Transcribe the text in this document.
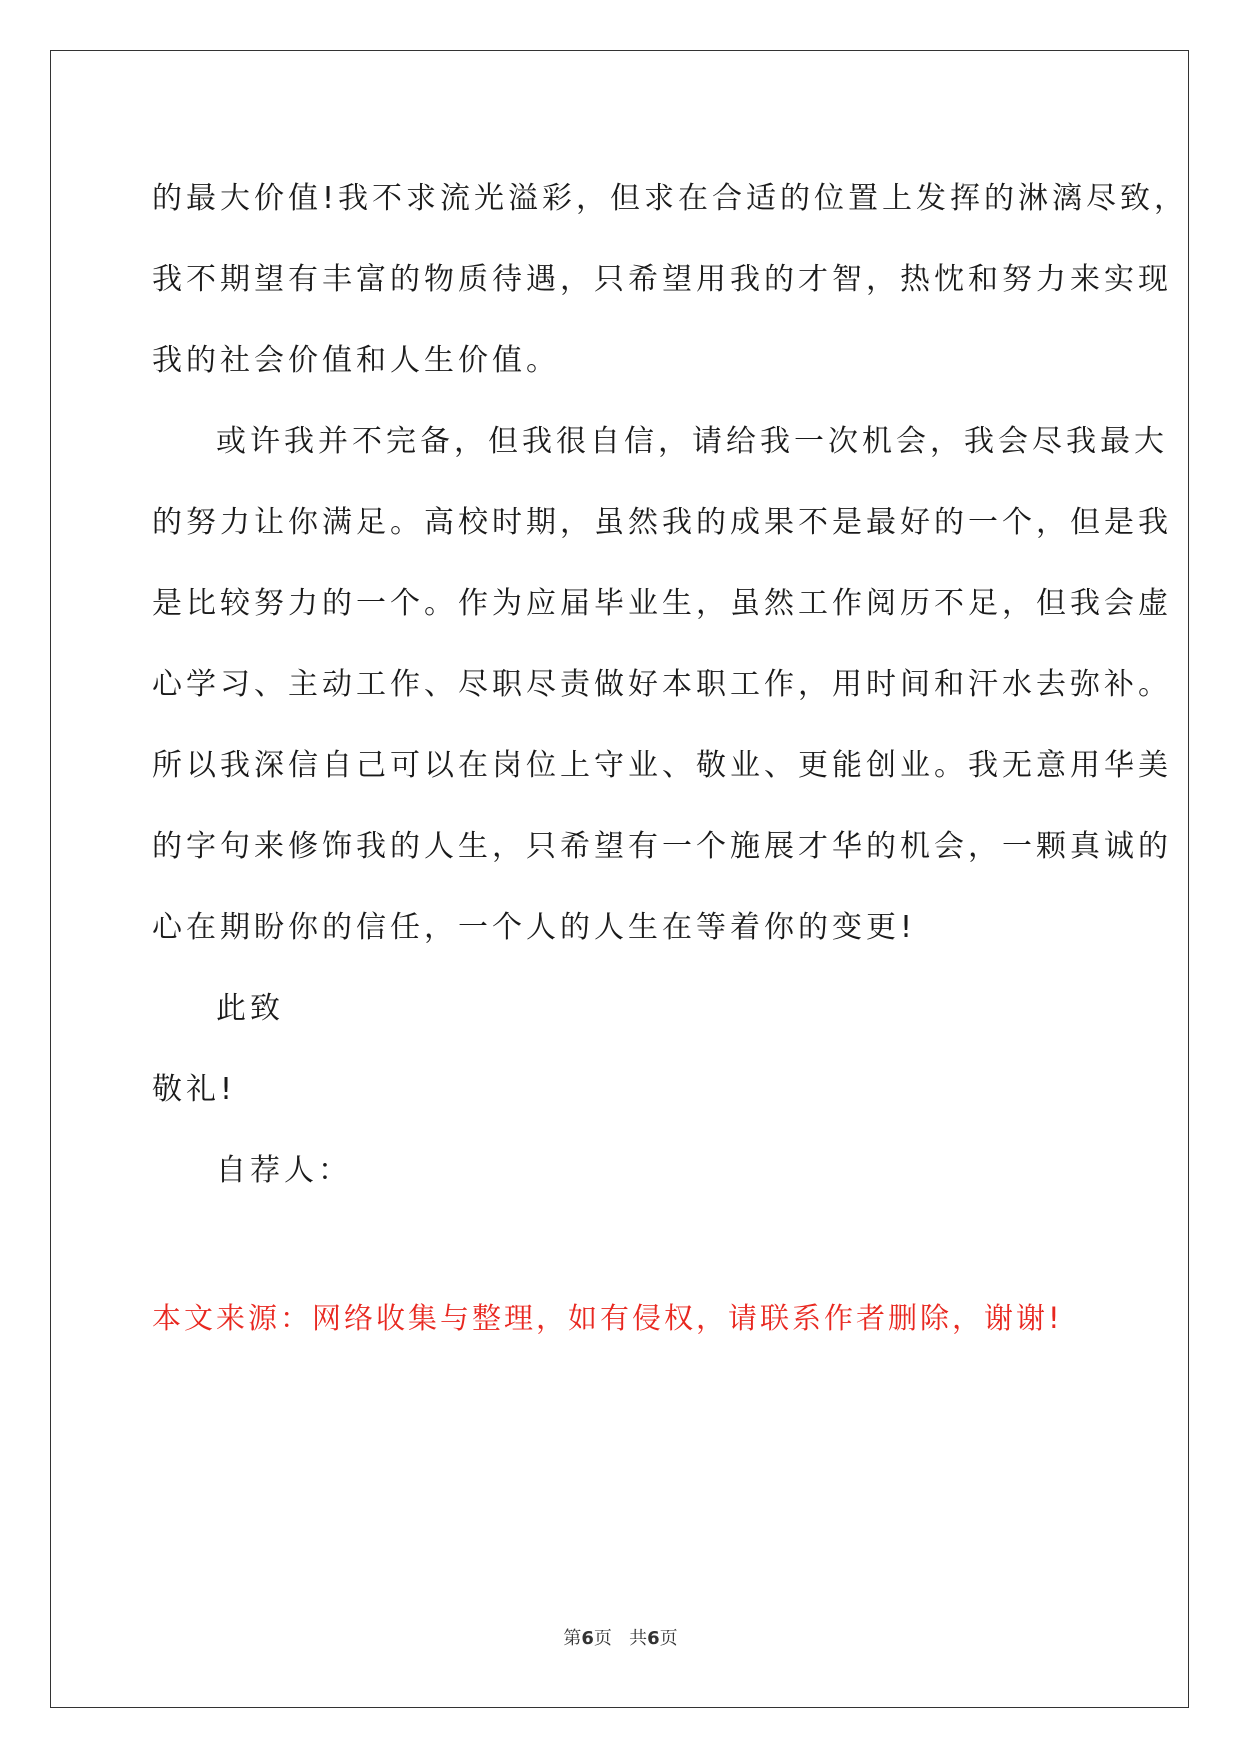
的最大价值!我不求流光溢彩，但求在合适的位置上发挥的淋漓尽致，
我不期望有丰富的物质待遇，只希望用我的才智，热忱和努力来实现
我的社会价值和人生价值。
或许我并不完备，但我很自信，请给我一次机会，我会尽我最大
的努力让你满足。高校时期，虽然我的成果不是最好的一个，但是我
是比较努力的一个。作为应届毕业生，虽然工作阅历不足，但我会虚
心学习、主动工作、尽职尽责做好本职工作，用时间和汗水去弥补。
所以我深信自己可以在岗位上守业、敬业、更能创业。我无意用华美
的字句来修饰我的人生，只希望有一个施展才华的机会，一颗真诚的
心在期盼你的信任，一个人的人生在等着你的变更!
此致
敬礼!
自荐人：
本文来源：网络收集与整理，如有侵权，请联系作者删除，谢谢!
第6页 共6页
